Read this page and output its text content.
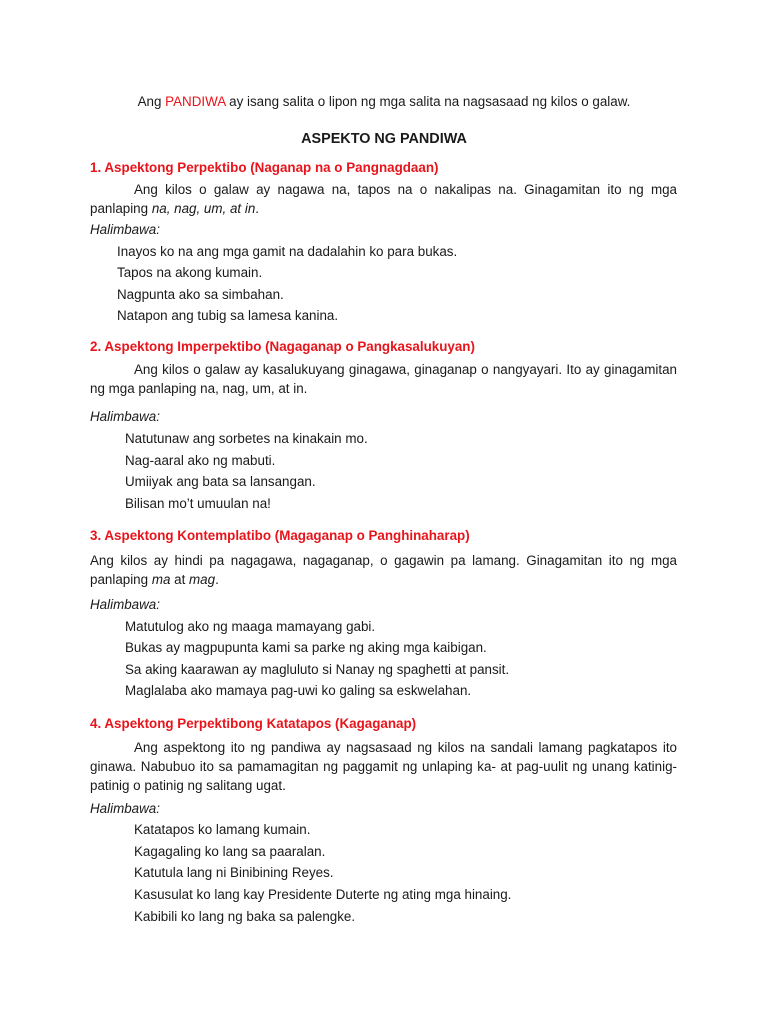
Ang PANDIWA ay isang salita o lipon ng mga salita na nagsasaad ng kilos o galaw.
ASPEKTO NG PANDIWA
1. Aspektong Perpektibo (Naganap na o Pangnagdaan)
Ang kilos o galaw ay nagawa na, tapos na o nakalipas na. Ginagamitan ito ng mga panlaping na, nag, um, at in.
Halimbawa:
Inayos ko na ang mga gamit na dadalahin ko para bukas.
Tapos na akong kumain.
Nagpunta ako sa simbahan.
Natapon ang tubig sa lamesa kanina.
2. Aspektong Imperpektibo (Nagaganap o Pangkasalukuyan)
Ang kilos o galaw ay kasalukuyang ginagawa, ginaganap o nangyayari. Ito ay ginagamitan ng mga panlaping na, nag, um, at in.
Halimbawa:
Natutunaw ang sorbetes na kinakain mo.
Nag-aaral ako ng mabuti.
Umiiyak ang bata sa lansangan.
Bilisan mo’t umuulan na!
3. Aspektong Kontemplatibo (Magaganap o Panghinaharap)
Ang kilos ay hindi pa nagagawa, nagaganap, o gagawin pa lamang. Ginagamitan ito ng mga panlaping ma at mag.
Halimbawa:
Matutulog ako ng maaga mamayang gabi.
Bukas ay magpupunta kami sa parke ng aking mga kaibigan.
Sa aking kaarawan ay magluluto si Nanay ng spaghetti at pansit.
Maglalaba ako mamaya pag-uwi ko galing sa eskwelahan.
4. Aspektong Perpektibong Katatapos (Kagaganap)
Ang aspektong ito ng pandiwa ay nagsasaad ng kilos na sandali lamang pagkatapos ito ginawa. Nabubuo ito sa pamamagitan ng paggamit ng unlaping ka- at pag-uulit ng unang katinig-patinig o patinig ng salitang ugat.
Halimbawa:
Katatapos ko lamang kumain.
Kagagaling ko lang sa paaralan.
Katutula lang ni Binibining Reyes.
Kasusulat ko lang kay Presidente Duterte ng ating mga hinaing.
Kabibili ko lang ng baka sa palengke.
